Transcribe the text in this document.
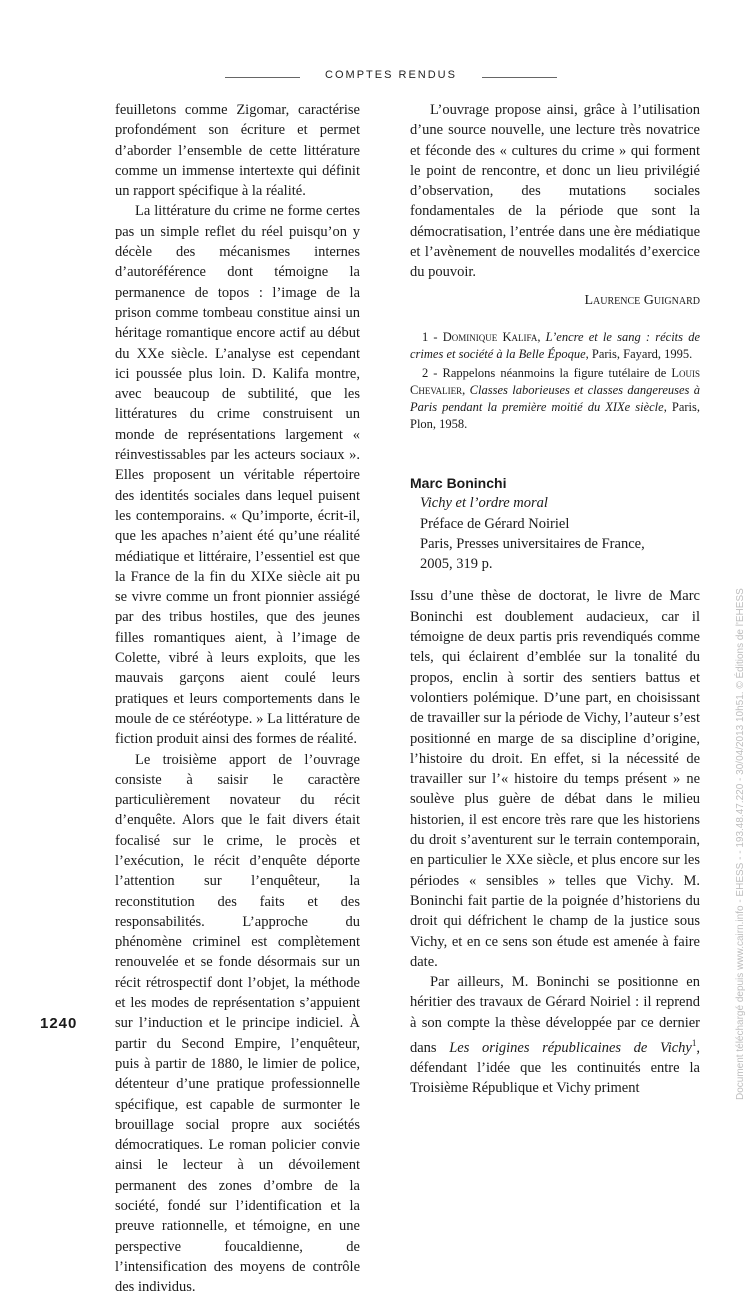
COMPTES RENDUS

feuilletons comme Zigomar, caractérise profondément son écriture et permet d’aborder l’ensemble de cette littérature comme un immense intertexte qui définit un rapport spécifique à la réalité.

La littérature du crime ne forme certes pas un simple reflet du réel puisqu’on y décèle des mécanismes internes d’autoréférence dont témoigne la permanence de topos : l’image de la prison comme tombeau constitue ainsi un héritage romantique encore actif au début du XXe siècle. L’analyse est cependant ici poussée plus loin. D. Kalifa montre, avec beaucoup de subtilité, que les littératures du crime construisent un monde de représentations largement « réinvestissables par les acteurs sociaux ». Elles proposent un véritable répertoire des identités sociales dans lequel puisent les contemporains. « Qu’importe, écrit-il, que les apaches n’aient été qu’une réalité médiatique et littéraire, l’essentiel est que la France de la fin du XIXe siècle ait pu se vivre comme un front pionnier assiégé par des tribus hostiles, que des jeunes filles romantiques aient, à l’image de Colette, vibré à leurs exploits, que les mauvais garçons aient coulé leurs pratiques et leurs comportements dans le moule de ce stéréotype. » La littérature de fiction produit ainsi des formes de réalité.

Le troisième apport de l’ouvrage consiste à saisir le caractère particulièrement novateur du récit d’enquête. Alors que le fait divers était focalisé sur le crime, le procès et l’exécution, le récit d’enquête déporte l’attention sur l’enquêteur, la reconstitution des faits et des responsabilités. L’approche du phénomène criminel est complètement renouvelée et se fonde désormais sur un récit rétrospectif dont l’objet, la méthode et les modes de représentation s’appuient sur l’induction et le principe indiciel. À partir du Second Empire, l’enquêteur, puis à partir de 1880, le limier de police, détenteur d’une pratique professionnelle spécifique, est capable de surmonter le brouillage social propre aux sociétés démocratiques. Le roman policier convie ainsi le lecteur à un dévoilement permanent des zones d’ombre de la société, fondé sur l’identification et la preuve rationnelle, et témoigne, en une perspective foucaldienne, de l’intensification des moyens de contrôle des individus.

L’ouvrage propose ainsi, grâce à l’utilisation d’une source nouvelle, une lecture très novatrice et féconde des « cultures du crime » qui forment le point de rencontre, et donc un lieu privilégié d’observation, des mutations sociales fondamentales de la période que sont la démocratisation, l’entrée dans une ère médiatique et l’avènement de nouvelles modalités d’exercice du pouvoir.

Laurence Guignard

1 - Dominique Kalifa, L’encre et le sang : récits de crimes et société à la Belle Époque, Paris, Fayard, 1995.

2 - Rappelons néanmoins la figure tutélaire de Louis Chevalier, Classes laborieuses et classes dangereuses à Paris pendant la première moitié du XIXe siècle, Paris, Plon, 1958.

Marc Boninchi

Vichy et l’ordre moral
Préface de Gérard Noiriel
Paris, Presses universitaires de France,
2005, 319 p.

Issu d’une thèse de doctorat, le livre de Marc Boninchi est doublement audacieux, car il témoigne de deux partis pris revendiqués comme tels, qui éclairent d’emblée sur la tonalité du propos, enclin à sortir des sentiers battus et volontiers polémique. D’une part, en choisissant de travailler sur la période de Vichy, l’auteur s’est positionné en marge de sa discipline d’origine, l’histoire du droit. En effet, si la nécessité de travailler sur l’« histoire du temps présent » ne soulève plus guère de débat dans le milieu historien, il est encore très rare que les historiens du droit s’aventurent sur le terrain contemporain, en particulier le XXe siècle, et plus encore sur les périodes « sensibles » telles que Vichy. M. Boninchi fait partie de la poignée d’historiens du droit qui défrichent le champ de la justice sous Vichy, et en ce sens son étude est amenée à faire date.

Par ailleurs, M. Boninchi se positionne en héritier des travaux de Gérard Noiriel : il reprend à son compte la thèse développée par ce dernier dans Les origines républicaines de Vichy$^1$, défendant l’idée que les continuités entre la Troisième République et Vichy priment

1240	Document téléchargé depuis www.cairn.info - EHESS - - 193.48.47.220 - 30/04/2013 10h51. © Éditions de l'EHESS
